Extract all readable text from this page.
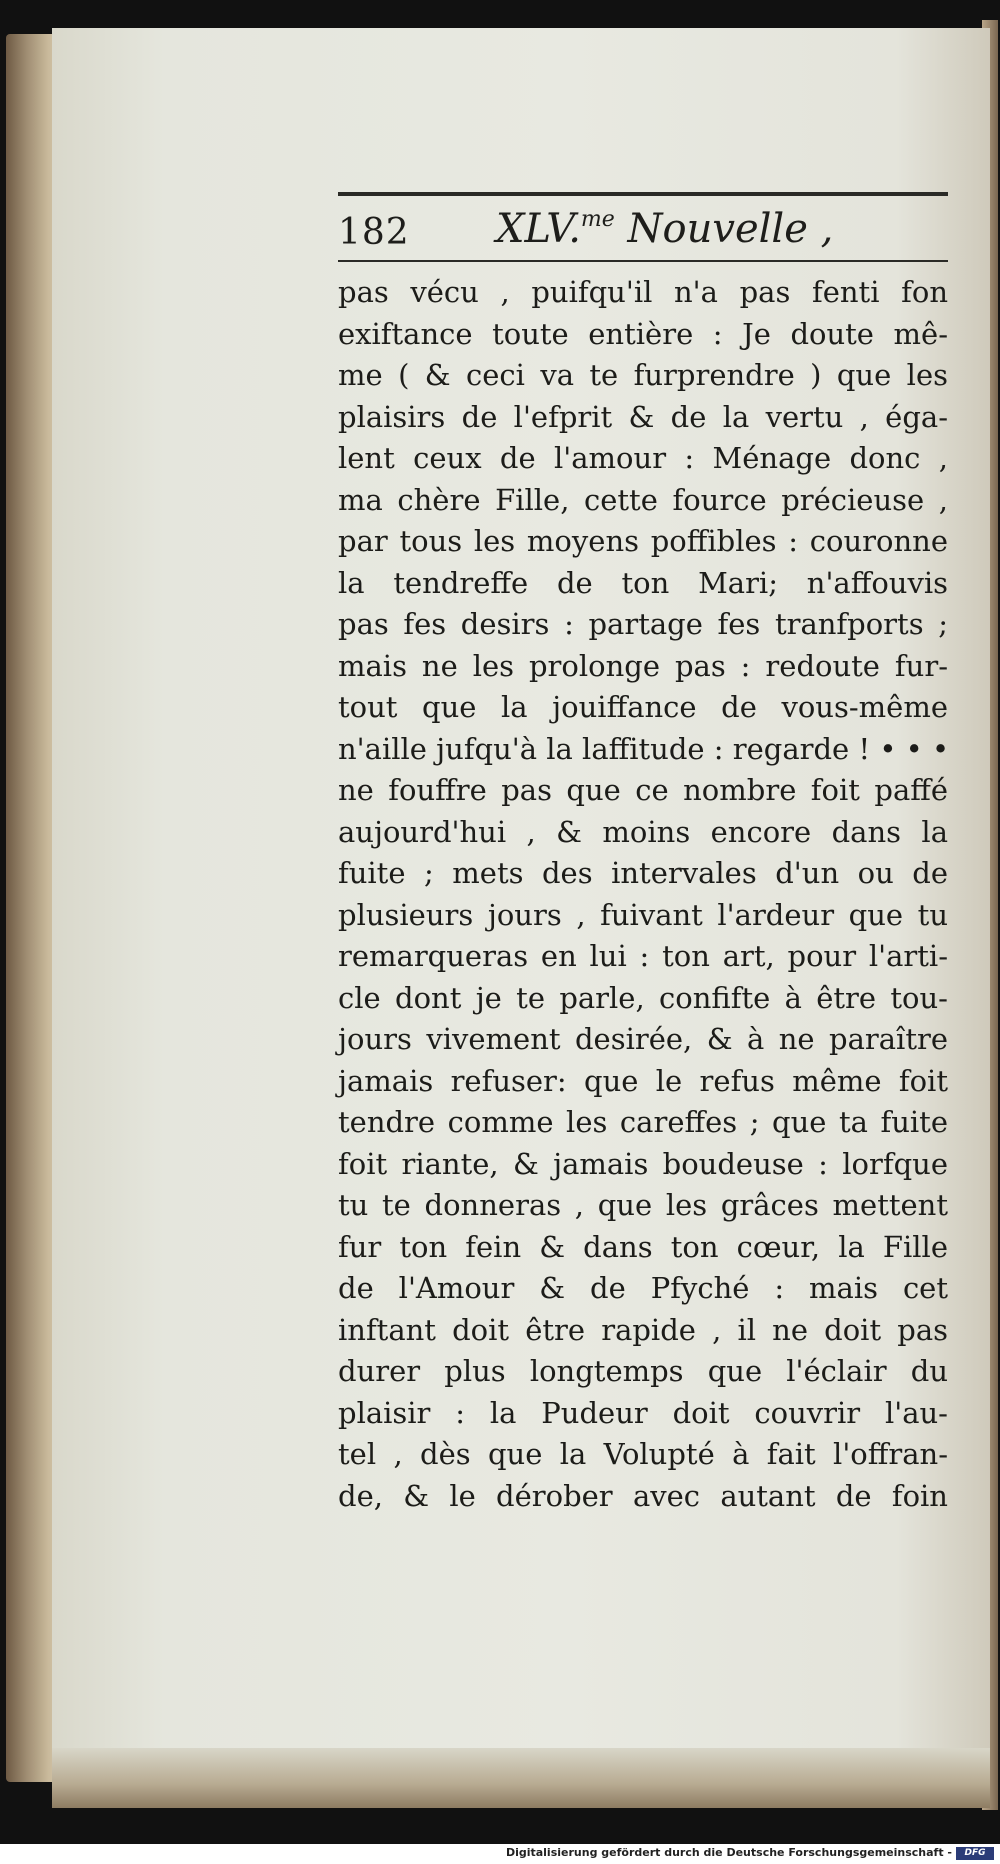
182 XLV.$^{me}$ Nouvelle ,
pas vécu , puifqu'il n'a pas fenti fon
exiftance toute entière : Je doute mê-
me ( & ceci va te furprendre ) que les
plaisirs de l'efprit & de la vertu , éga-
lent ceux de l'amour : Ménage donc ,
ma chère Fille, cette fource précieuse ,
par tous les moyens poffibles : couronne
la tendreffe de ton Mari; n'affouvis
pas fes desirs : partage fes tranfports ;
mais ne les prolonge pas : redoute fur-
tout que la jouiffance de vous-même
n'aille jufqu'à la laffitude : regarde ! • • •
ne fouffre pas que ce nombre foit paffé
aujourd'hui , & moins encore dans la
fuite ; mets des intervales d'un ou de
plusieurs jours , fuivant l'ardeur que tu
remarqueras en lui : ton art, pour l'arti-
cle dont je te parle, confifte à être tou-
jours vivement desirée, & à ne paraître
jamais refuser: que le refus même foit
tendre comme les careffes ; que ta fuite
foit riante, & jamais boudeuse : lorfque
tu te donneras , que les grâces mettent
fur ton fein & dans ton cœur, la Fille
de l'Amour & de Pfyché : mais cet
inftant doit être rapide , il ne doit pas
durer plus longtemps que l'éclair du
plaisir : la Pudeur doit couvrir l'au-
tel , dès que la Volupté à fait l'offran-
de, & le dérober avec autant de foin
Digitalisierung gefördert durch die Deutsche Forschungsgemeinschaft -	DFG
